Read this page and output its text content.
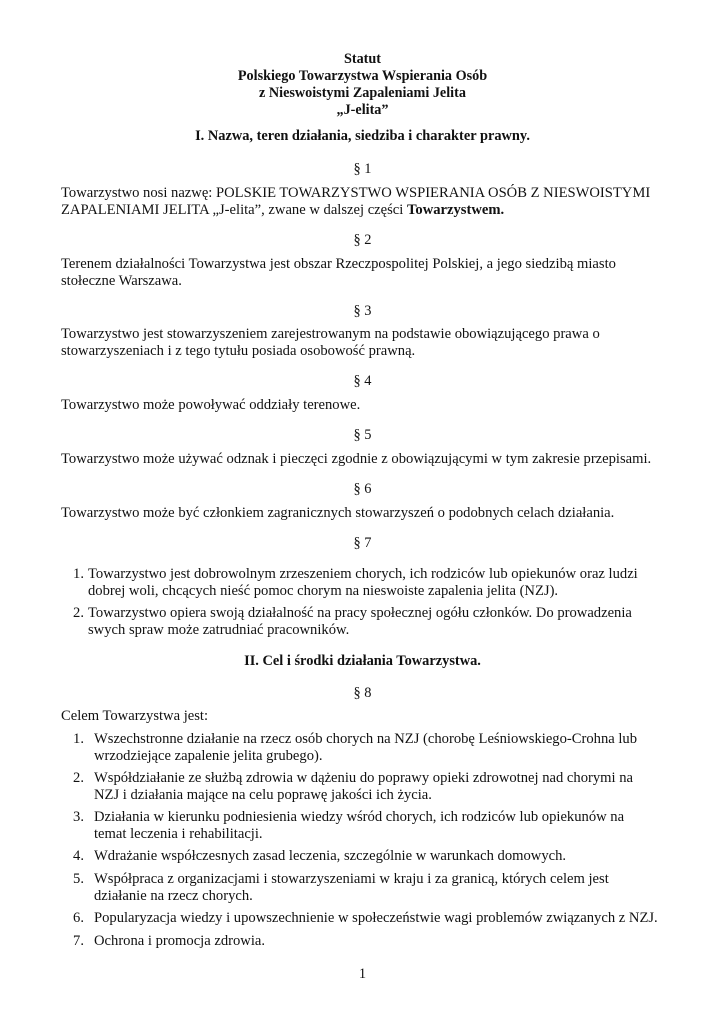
Statut
Polskiego Towarzystwa Wspierania Osób
z Nieswoistymi Zapaleniami Jelita
„J-elita”
I. Nazwa, teren działania, siedziba i charakter prawny.
§ 1
Towarzystwo nosi nazwę: POLSKIE TOWARZYSTWO WSPIERANIA OSÓB Z NIESWOISTYMI ZAPALENIAMI JELITA „J-elita”, zwane w dalszej części Towarzystwem.
§ 2
Terenem działalności Towarzystwa jest obszar Rzeczpospolitej Polskiej, a jego siedzibą miasto stołeczne Warszawa.
§ 3
Towarzystwo jest stowarzyszeniem zarejestrowanym na podstawie obowiązującego prawa o stowarzyszeniach i z tego tytułu posiada osobowość prawną.
§ 4
Towarzystwo może powoływać oddziały terenowe.
§ 5
Towarzystwo może używać odznak i pieczęci zgodnie z obowiązującymi w tym zakresie przepisami.
§ 6
Towarzystwo może być członkiem zagranicznych stowarzyszeń o podobnych celach działania.
§ 7
1. Towarzystwo jest dobrowolnym zrzeszeniem chorych, ich rodziców lub opiekunów oraz ludzi dobrej woli, chcących nieść pomoc chorym na nieswoiste zapalenia jelita (NZJ).
2. Towarzystwo opiera swoją działalność na pracy społecznej ogółu członków. Do prowadzenia swych spraw może zatrudniać pracowników.
II. Cel i środki działania Towarzystwa.
§ 8
Celem Towarzystwa jest:
1. Wszechstronne działanie na rzecz osób chorych na NZJ (chorobę Leśniowskiego-Crohna lub wrzodziejące zapalenie jelita grubego).
2. Współdziałanie ze służbą zdrowia w dążeniu do poprawy opieki zdrowotnej nad chorymi na NZJ i działania mające na celu poprawę jakości ich życia.
3. Działania w kierunku podniesienia wiedzy wśród chorych, ich rodziców lub opiekunów na temat leczenia i rehabilitacji.
4. Wdrażanie współczesnych zasad leczenia, szczególnie w warunkach domowych.
5. Współpraca z organizacjami i stowarzyszeniami w kraju i za granicą, których celem jest działanie na rzecz chorych.
6. Popularyzacja wiedzy i upowszechnienie w społeczeństwie wagi problemów związanych z NZJ.
7. Ochrona i promocja zdrowia.
1
